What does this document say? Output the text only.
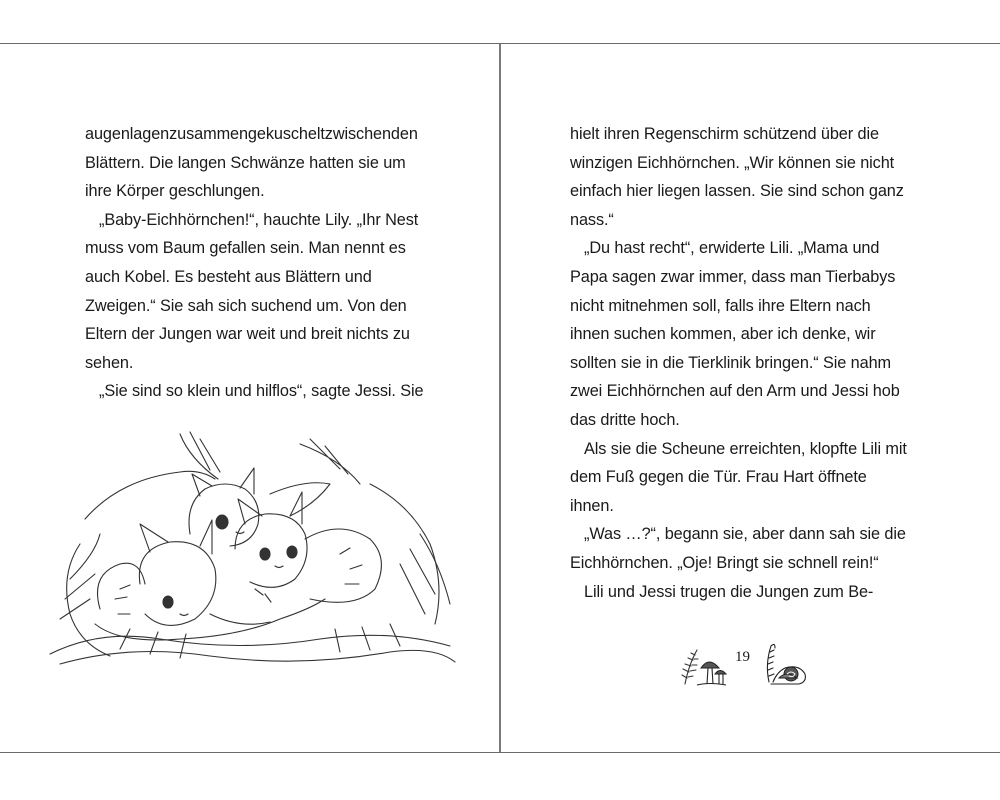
augenlagenzusammengekuscheltzwischenden
Blättern. Die langen Schwänze hatten sie um
ihre Körper geschlungen.
„Baby-Eichhörnchen!“, hauchte Lily. „Ihr Nest
muss vom Baum gefallen sein. Man nennt es
auch Kobel. Es besteht aus Blättern und
Zweigen.“ Sie sah sich suchend um. Von den
Eltern der Jungen war weit und breit nichts zu
sehen.
„Sie sind so klein und hilflos“, sagte Jessi. Sie
hielt ihren Regenschirm schützend über die
winzigen Eichhörnchen. „Wir können sie nicht
einfach hier liegen lassen. Sie sind schon ganz
nass.“
„Du hast recht“, erwiderte Lili. „Mama und
Papa sagen zwar immer, dass man Tierbabys
nicht mitnehmen soll, falls ihre Eltern nach
ihnen suchen kommen, aber ich denke, wir
sollten sie in die Tierklinik bringen.“ Sie nahm
zwei Eichhörnchen auf den Arm und Jessi hob
das dritte hoch.
Als sie die Scheune erreichten, klopfte Lili mit
dem Fuß gegen die Tür. Frau Hart öffnete
ihnen.
„Was …?“, begann sie, aber dann sah sie die
Eichhörnchen. „Oje! Bringt sie schnell rein!“
Lili und Jessi trugen die Jungen zum Be-
19
